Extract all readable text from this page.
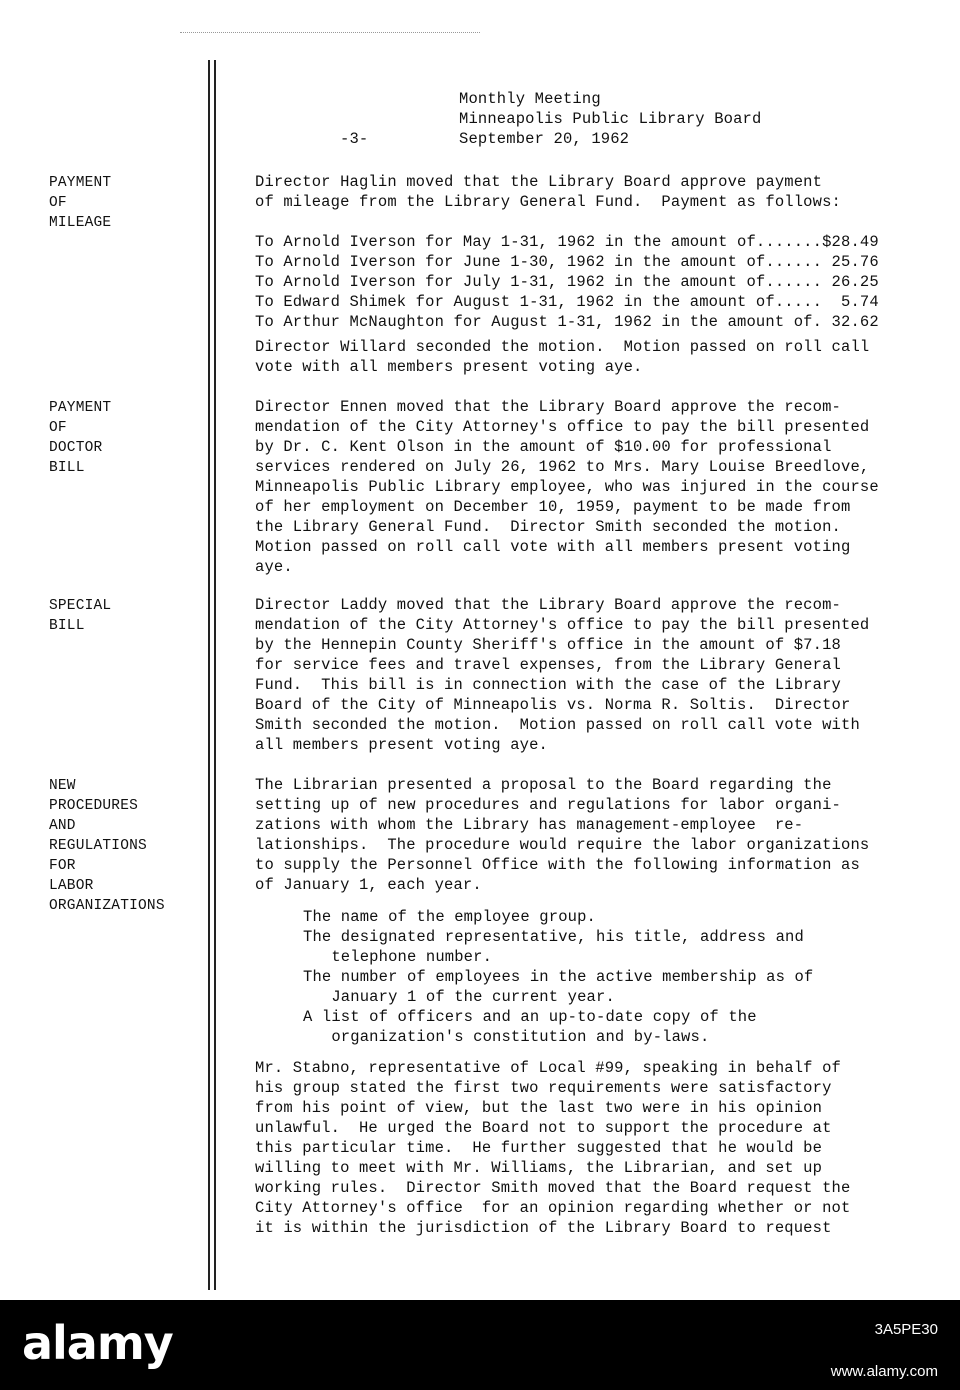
-3-
Monthly Meeting
Minneapolis Public Library Board
September 20, 1962
PAYMENT
OF
MILEAGE
Director Haglin moved that the Library Board approve payment
of mileage from the Library General Fund.  Payment as follows:
To Arnold Iverson for May 1-31, 1962 in the amount of.......$28.49
To Arnold Iverson for June 1-30, 1962 in the amount of...... 25.76
To Arnold Iverson for July 1-31, 1962 in the amount of...... 26.25
To Edward Shimek for August 1-31, 1962 in the amount of.....  5.74
To Arthur McNaughton for August 1-31, 1962 in the amount of. 32.62
Director Willard seconded the motion.  Motion passed on roll call
vote with all members present voting aye.
PAYMENT
OF
DOCTOR
BILL
Director Ennen moved that the Library Board approve the recom-
mendation of the City Attorney's office to pay the bill presented
by Dr. C. Kent Olson in the amount of $10.00 for professional
services rendered on July 26, 1962 to Mrs. Mary Louise Breedlove,
Minneapolis Public Library employee, who was injured in the course
of her employment on December 10, 1959, payment to be made from
the Library General Fund.  Director Smith seconded the motion.
Motion passed on roll call vote with all members present voting
aye.
SPECIAL
BILL
Director Laddy moved that the Library Board approve the recom-
mendation of the City Attorney's office to pay the bill presented
by the Hennepin County Sheriff's office in the amount of $7.18
for service fees and travel expenses, from the Library General
Fund.  This bill is in connection with the case of the Library
Board of the City of Minneapolis vs. Norma R. Soltis.  Director
Smith seconded the motion.  Motion passed on roll call vote with
all members present voting aye.
NEW
PROCEDURES
AND
REGULATIONS
FOR
LABOR
ORGANIZATIONS
The Librarian presented a proposal to the Board regarding the
setting up of new procedures and regulations for labor organi-
zations with whom the Library has management-employee  re-
lationships.  The procedure would require the labor organizations
to supply the Personnel Office with the following information as
of January 1, each year.
The name of the employee group.
The designated representative, his title, address and
telephone number.
The number of employees in the active membership as of
January 1 of the current year.
A list of officers and an up-to-date copy of the
organization's constitution and by-laws.
Mr. Stabno, representative of Local #99, speaking in behalf of
his group stated the first two requirements were satisfactory
from his point of view, but the last two were in his opinion
unlawful.  He urged the Board not to support the procedure at
this particular time.  He further suggested that he would be
willing to meet with Mr. Williams, the Librarian, and set up
working rules.  Director Smith moved that the Board request the
City Attorney's office  for an opinion regarding whether or not
it is within the jurisdiction of the Library Board to request
alamy	3A5PE30
www.alamy.com
